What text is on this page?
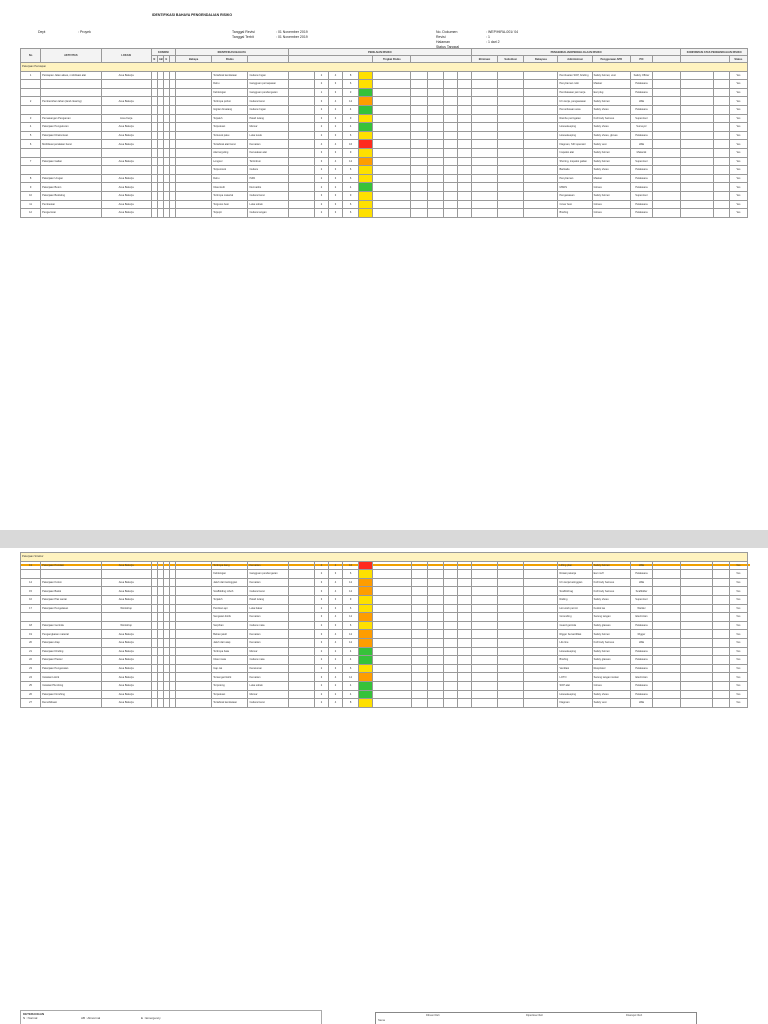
IDENTIFIKASI BAHAYA PENGENDALIAN RISIKO
Dept	: Proyek	Tanggal Revisi	: 01 November 2019
Tanggal Terbit	: 01 November 2019
No. Dokumen	: WEP/HIRA-001/ 04
Revisi	: 1
Halaman	: 1 dari 2
Status Tanggal
No	AKTIVITAS	LOKASI	KONDISI				IDENTIFIKASI BAHAYA			PENILAIAN RISIKO										PENGENDALIAN/PENGELOLAAN RISIKO							KONFIRMASI ATAS PENGENDALIAN RISIKO		
			N	AB	E		Bahaya	Risiko							Tingkat Risiko					Eliminasi	Substitusi	Rekayasa	Administrasi	Penggunaan APD	PIC				Status
Pekerjaan Persiapan																													
1	Persiapan Jalan akses, mobilisasi alat	Area Bekerja						Tertabrak kendaraan	Cedera ringan		2	4	8										Pembuatan SOP, briefing	Safety helmet, vest	Safety Officer				Yes
								Debu	Gangguan pernapasan		2	3	6										Penyiraman rutin	Masker	Pelaksana				Yes
								Kebisingan	Gangguan pendengaran		1	3	3										Pembatasan jam kerja	Ear plug	Pelaksana				Yes
2	Pembersihan lahan (land clearing)	Area Bekerja						Tertimpa pohon	Cedera berat		3	4	12										Izin kerja, pengawasan	Safety helmet	HSE				Yes
								Gigitan binatang	Cedera ringan		2	2	4										Pemeriksaan area	Safety shoes	Pelaksana				Yes
3	Pemasangan Pengaman	Area Kerja						Terjatuh	Patah tulang		3	3	9										Rambu peringatan	Full body harness	Supervisor				Yes
4	Pekerjaan Pengukuran	Area Bekerja						Terpeleset	Memar		2	2	4										Housekeeping	Safety shoes	Surveyor				Yes
5	Pekerjaan Direksi keet	Area Bekerja						Tertusuk paku	Luka tusuk		2	3	6										Housekeeping	Safety shoes, gloves	Pelaksana				Yes
6	Mobilisasi peralatan berat	Area Bekerja						Tertabrak alat berat	Kematian		4	4	16										Flagman, SIO operator	Safety vest	HSE				Yes
								Alat terguling	Kerusakan alat		3	3	9										Inspeksi alat	Safety helmet	Mekanik				Yes
7	Pekerjaan Galian	Area Bekerja						Longsor	Tertimbun		3	4	12										Shoring, inspeksi galian	Safety helmet	Supervisor				Yes
								Terperosok	Cedera		2	3	6										Barikade	Safety shoes	Pelaksana				Yes
8	Pekerjaan Urugan	Area Bekerja						Debu	ISPA		2	3	6										Penyiraman	Masker	Pelaksana				Yes
9	Pekerjaan Beton	Area Bekerja						Iritasi kulit	Dermatitis		2	2	4										MSDS	Gloves	Pelaksana				Yes
10	Pekerjaan Bekisting	Area Bekerja						Tertimpa material	Cedera berat		3	3	9										Pengawasan	Safety helmet	Supervisor				Yes
11	Pembesian	Area Bekerja						Tergores besi	Luka sobek		2	3	6										Cover besi	Gloves	Pelaksana				Yes
12	Pengecoran	Area Bekerja						Terjepit	Cedera tangan		2	3	6										Briefing	Gloves	Pelaksana				Yes
Pekerjaan Struktur																													
13	Pekerjaan Pondasi	Area Bekerja						Tertimpa tiang	Kematian		4	4	16										Lifting plan	Safety helmet	HSE				Yes
								Kebisingan	Gangguan pendengaran		2	3	6										Rotasi pekerja	Ear muff	Pelaksana				Yes
14	Pekerjaan Kolom	Area Bekerja						Jatuh dari ketinggian	Kematian		3	4	12										Izin kerja ketinggian	Full body harness	HSE				Yes
15	Pekerjaan Balok	Area Bekerja						Scaffolding roboh	Cedera berat		3	4	12										Scaffold tag	Full body harness	Scaffolder				Yes
16	Pekerjaan Plat Lantai	Area Bekerja						Terjatuh	Patah tulang		3	3	9										Railing	Safety shoes	Supervisor				Yes
17	Pekerjaan Pengelasan	Workshop						Percikan api	Luka bakar		2	3	6										Hot work permit	Kedok las	Welder				Yes
								Sengatan listrik	Kematian		3	4	12										Grounding	Sarung tangan	Electrician				Yes
18	Pekerjaan Gerinda	Workshop						Serpihan	Cedera mata		2	3	6										Guard gerinda	Safety glasses	Pelaksana				Yes
19	Pengangkatan material	Area Bekerja						Beban jatuh	Kematian		3	4	12										Rigger bersertifikat	Safety helmet	Rigger				Yes
20	Pekerjaan Atap	Area Bekerja						Jatuh dari atap	Kematian		3	4	12										Life line	Full body harness	HSE				Yes
21	Pekerjaan Dinding	Area Bekerja						Tertimpa bata	Memar		2	2	4										Housekeeping	Safety helmet	Pelaksana				Yes
22	Pekerjaan Plester	Area Bekerja						Iritasi mata	Cedera mata		2	2	4										Briefing	Safety glasses	Pelaksana				Yes
23	Pekerjaan Pengecatan	Area Bekerja						Uap cat	Keracunan		2	3	6										Ventilasi	Respirator	Pelaksana				Yes
24	Instalasi Listrik	Area Bekerja						Tersengat listrik	Kematian		3	4	12										LOTO	Sarung tangan isolasi	Electrician				Yes
25	Instalasi Plumbing	Area Bekerja						Terpotong	Luka sobek		2	2	4										SOP alat	Gloves	Pelaksana				Yes
26	Pekerjaan Finishing	Area Bekerja						Terpeleset	Memar		2	2	4										Housekeeping	Safety shoes	Pelaksana				Yes
27	Demobilisasi	Area Bekerja						Tertabrak kendaraan	Cedera berat		2	4	8										Flagman	Safety vest	HSE				Yes
KETERANGAN
N : Normal	AB : Abnormal	E : Emergency
Dibuat Oleh	Diperiksa Oleh	Disetujui Oleh
Nama
